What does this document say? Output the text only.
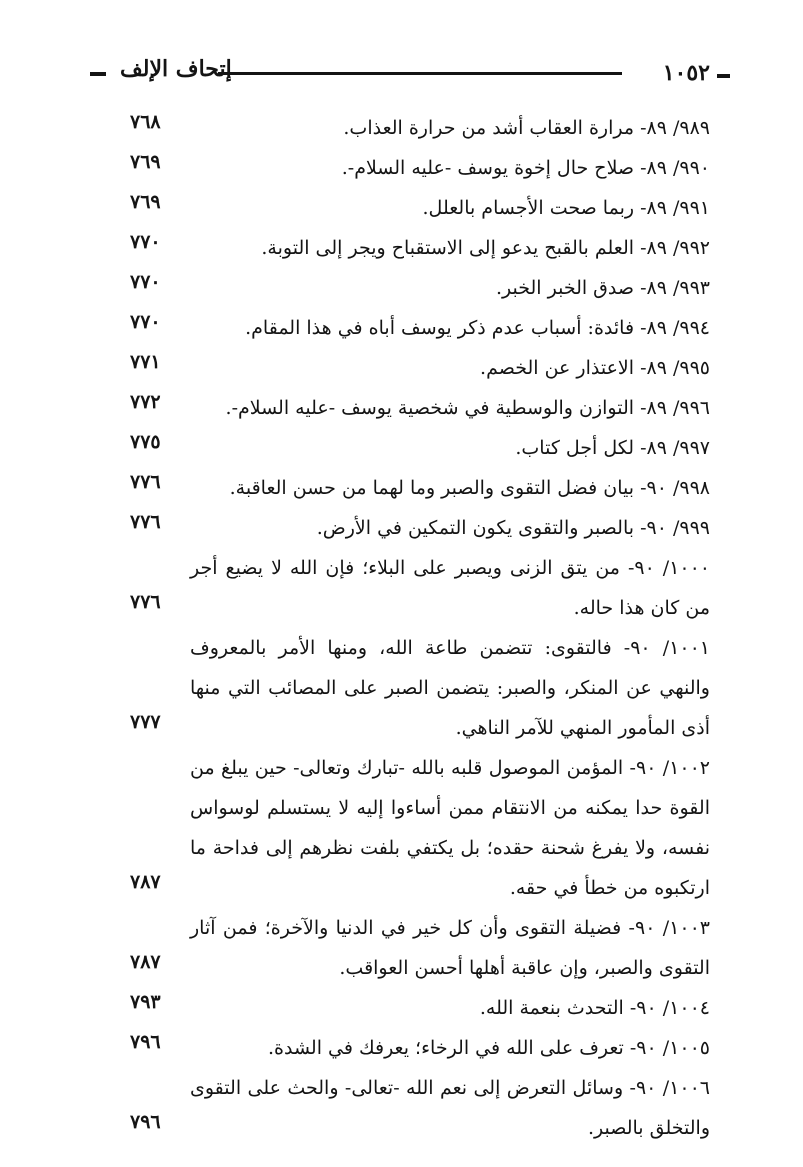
١٠٥٢
إتحاف الإلف
٩٨٩/ ٨٩- مرارة العقاب أشد من حرارة العذاب.
٧٦٨
٩٩٠/ ٨٩- صلاح حال إخوة يوسف -عليه السلام-.
٧٦٩
٩٩١/ ٨٩- ربما صحت الأجسام بالعلل.
٧٦٩
٩٩٢/ ٨٩- العلم بالقبح يدعو إلى الاستقباح ويجر إلى التوبة.
٧٧٠
٩٩٣/ ٨٩- صدق الخبر الخبر.
٧٧٠
٩٩٤/ ٨٩- فائدة: أسباب عدم ذكر يوسف أباه في هذا المقام.
٧٧٠
٩٩٥/ ٨٩- الاعتذار عن الخصم.
٧٧١
٩٩٦/ ٨٩- التوازن والوسطية في شخصية يوسف -عليه السلام-.
٧٧٢
٩٩٧/ ٨٩- لكل أجل كتاب.
٧٧٥
٩٩٨/ ٩٠- بيان فضل التقوى والصبر وما لهما من حسن العاقبة.
٧٧٦
٩٩٩/ ٩٠- بالصبر والتقوى يكون التمكين في الأرض.
٧٧٦
١٠٠٠/ ٩٠- من يتق الزنى ويصبر على البلاء؛ فإن الله لا يضيع أجر من كان هذا حاله.
٧٧٦
١٠٠١/ ٩٠- فالتقوى: تتضمن طاعة الله، ومنها الأمر بالمعروف والنهي عن المنكر، والصبر: يتضمن الصبر على المصائب التي منها أذى المأمور المنهي للآمر الناهي.
٧٧٧
١٠٠٢/ ٩٠- المؤمن الموصول قلبه بالله -تبارك وتعالى- حين يبلغ من القوة حدا يمكنه من الانتقام ممن أساءوا إليه لا يستسلم لوسواس نفسه، ولا يفرغ شحنة حقده؛ بل يكتفي بلفت نظرهم إلى فداحة ما ارتكبوه من خطأ في حقه.
٧٨٧
١٠٠٣/ ٩٠- فضيلة التقوى وأن كل خير في الدنيا والآخرة؛ فمن آثار التقوى والصبر، وإن عاقبة أهلها أحسن العواقب.
٧٨٧
١٠٠٤/ ٩٠- التحدث بنعمة الله.
٧٩٣
١٠٠٥/ ٩٠- تعرف على الله في الرخاء؛ يعرفك في الشدة.
٧٩٦
١٠٠٦/ ٩٠- وسائل التعرض إلى نعم الله -تعالى- والحث على التقوى والتخلق بالصبر.
٧٩٦
